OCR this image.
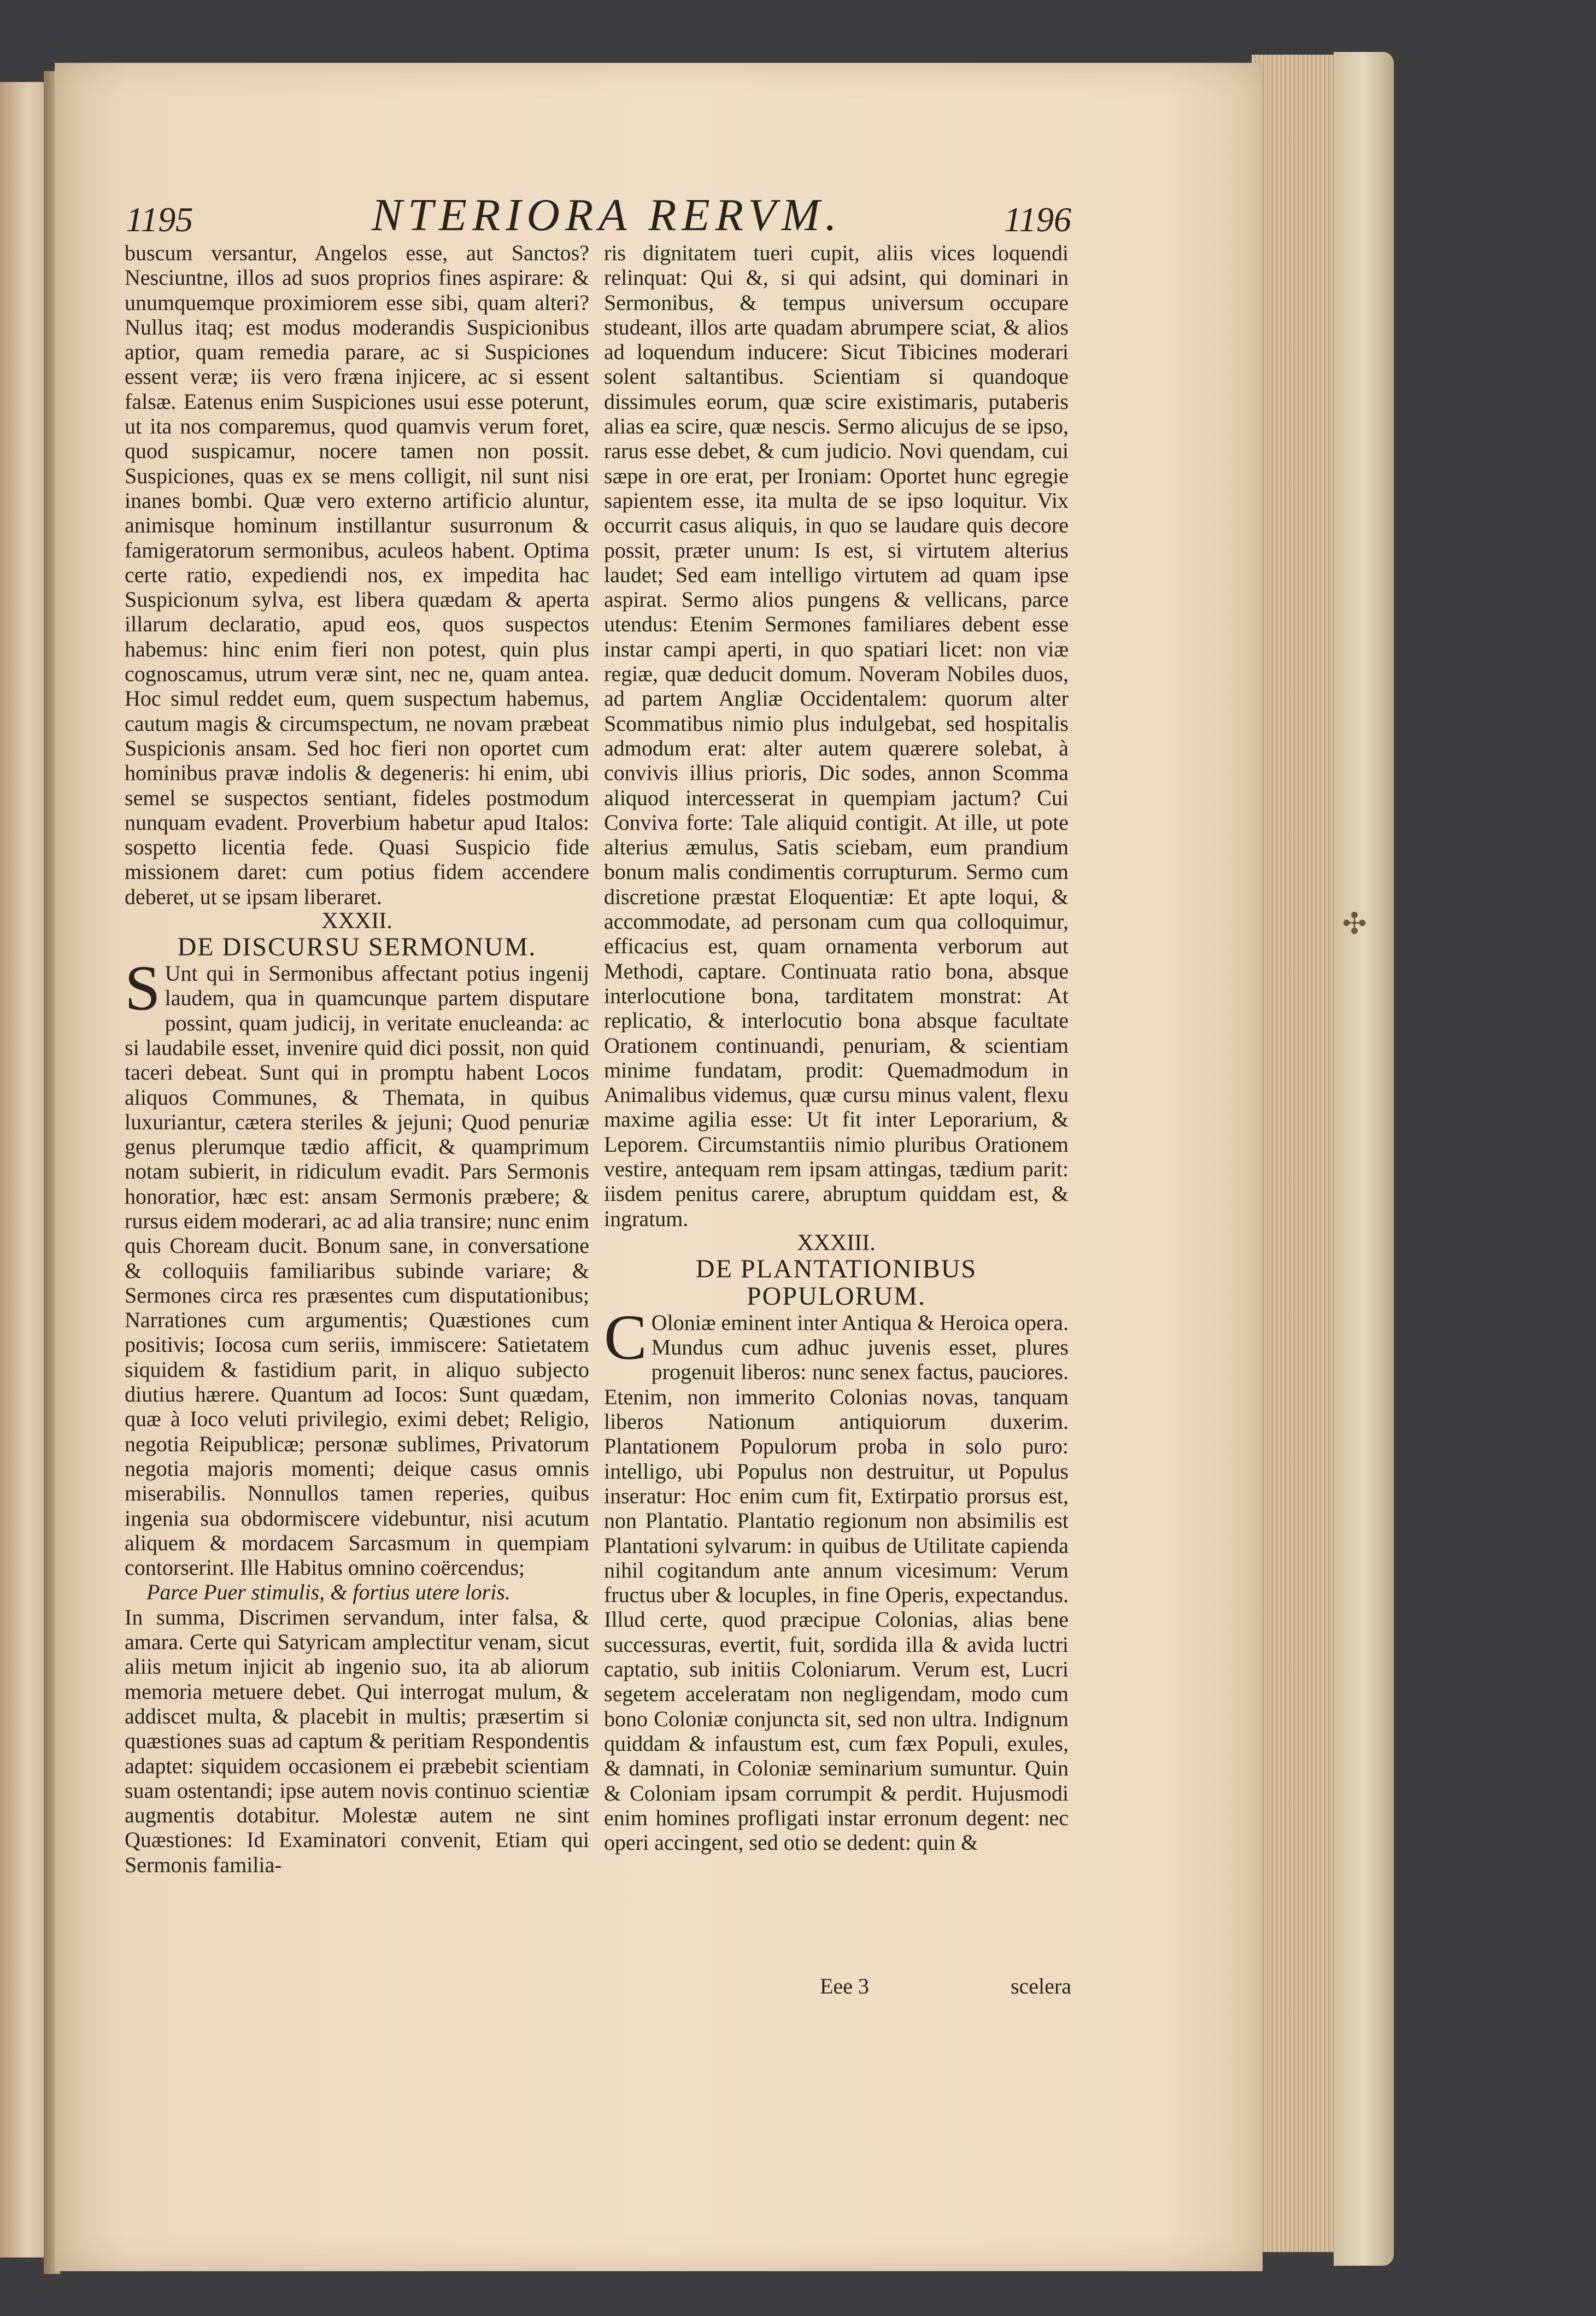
✣
1195	NTERIORA RERVM.	1196

buscum versantur, Angelos esse, aut Sanctos? Nesciuntne, illos ad suos proprios fines aspirare: & unumquemque proximiorem esse sibi, quam alteri? Nullus itaq; est modus moderandis Suspicionibus aptior, quam remedia parare, ac si Suspiciones essent veræ; iis vero fræna injicere, ac si essent falsæ. Eatenus enim Suspiciones usui esse poterunt, ut ita nos comparemus, quod quamvis verum foret, quod suspicamur, nocere tamen non possit. Suspiciones, quas ex se mens colligit, nil sunt nisi inanes bombi. Quæ vero externo artificio aluntur, animisque hominum instillantur susurronum & famigeratorum sermonibus, aculeos habent. Optima certe ratio, expediendi nos, ex impedita hac Suspicionum sylva, est libera quædam & aperta illarum declaratio, apud eos, quos suspectos habemus: hinc enim fieri non potest, quin plus cognoscamus, utrum veræ sint, nec ne, quam antea. Hoc simul reddet eum, quem suspectum habemus, cautum magis & circumspectum, ne novam præbeat Suspicionis ansam. Sed hoc fieri non oportet cum hominibus pravæ indolis & degeneris: hi enim, ubi semel se suspectos sentiant, fideles postmodum nunquam evadent. Proverbium habetur apud Italos: sospetto licentia fede. Quasi Suspicio fide missionem daret: cum potius fidem accendere deberet, ut se ipsam liberaret.

XXXII.

DE DISCURSU SERMONUM.

S Unt qui in Sermonibus affectant potius ingenij laudem, qua in quamcunque partem disputare possint, quam judicij, in veritate enucleanda: ac si laudabile esset, invenire quid dici possit, non quid taceri debeat. Sunt qui in promptu habent Locos aliquos Communes, & Themata, in quibus luxuriantur, cætera steriles & jejuni; Quod penuriæ genus plerumque tædio afficit, & quamprimum notam subierit, in ridiculum evadit. Pars Sermonis honoratior, hæc est: ansam Sermonis præbere; & rursus eidem moderari, ac ad alia transire; nunc enim quis Choream ducit. Bonum sane, in conversatione & colloquiis familiaribus subinde variare; & Sermones circa res præsentes cum disputationibus; Narrationes cum argumentis; Quæstiones cum positivis; Iocosa cum seriis, immiscere: Satietatem siquidem & fastidium parit, in aliquo subjecto diutius hærere. Quantum ad Iocos: Sunt quædam, quæ à Ioco veluti privilegio, eximi debet; Religio, negotia Reipublicæ; personæ sublimes, Privatorum negotia majoris momenti; deique casus omnis miserabilis. Nonnullos tamen reperies, quibus ingenia sua obdormiscere videbuntur, nisi acutum aliquem & mordacem Sarcasmum in quempiam contorserint. Ille Habitus omnino coërcendus;

Parce Puer stimulis, & fortius utere loris.

In summa, Discrimen servandum, inter falsa, & amara. Certe qui Satyricam amplectitur venam, sicut aliis metum injicit ab ingenio suo, ita ab aliorum memoria metuere debet. Qui interrogat mulum, & addiscet multa, & placebit in multis; præsertim si quæstiones suas ad captum & peritiam Respondentis adaptet: siquidem occasionem ei præbebit scientiam suam ostentandi; ipse autem novis continuo scientiæ augmentis dotabitur. Molestæ autem ne sint Quæstiones: Id Examinatori convenit, Etiam qui Sermonis familia-

ris dignitatem tueri cupit, aliis vices loquendi relinquat: Qui &, si qui adsint, qui dominari in Sermonibus, & tempus universum occupare studeant, illos arte quadam abrumpere sciat, & alios ad loquendum inducere: Sicut Tibicines moderari solent saltantibus. Scientiam si quandoque dissimules eorum, quæ scire existimaris, putaberis alias ea scire, quæ nescis. Sermo alicujus de se ipso, rarus esse debet, & cum judicio. Novi quendam, cui sæpe in ore erat, per Ironiam: Oportet hunc egregie sapientem esse, ita multa de se ipso loquitur. Vix occurrit casus aliquis, in quo se laudare quis decore possit, præter unum: Is est, si virtutem alterius laudet; Sed eam intelligo virtutem ad quam ipse aspirat. Sermo alios pungens & vellicans, parce utendus: Etenim Sermones familiares debent esse instar campi aperti, in quo spatiari licet: non viæ regiæ, quæ deducit domum. Noveram Nobiles duos, ad partem Angliæ Occidentalem: quorum alter Scommatibus nimio plus indulgebat, sed hospitalis admodum erat: alter autem quærere solebat, à convivis illius prioris, Dic sodes, annon Scomma aliquod intercesserat in quempiam jactum? Cui Conviva forte: Tale aliquid contigit. At ille, ut pote alterius æmulus, Satis sciebam, eum prandium bonum malis condimentis corrupturum. Sermo cum discretione præstat Eloquentiæ: Et apte loqui, & accommodate, ad personam cum qua colloquimur, efficacius est, quam ornamenta verborum aut Methodi, captare. Continuata ratio bona, absque interlocutione bona, tarditatem monstrat: At replicatio, & interlocutio bona absque facultate Orationem continuandi, penuriam, & scientiam minime fundatam, prodit: Quemadmodum in Animalibus videmus, quæ cursu minus valent, flexu maxime agilia esse: Ut fit inter Leporarium, & Leporem. Circumstantiis nimio pluribus Orationem vestire, antequam rem ipsam attingas, tædium parit: iisdem penitus carere, abruptum quiddam est, & ingratum.

XXXIII.

DE PLANTATIONIBUS POPULORUM.

C Oloniæ eminent inter Antiqua & Heroica opera. Mundus cum adhuc juvenis esset, plures progenuit liberos: nunc senex factus, pauciores. Etenim, non immerito Colonias novas, tanquam liberos Nationum antiquiorum duxerim. Plantationem Populorum proba in solo puro: intelligo, ubi Populus non destruitur, ut Populus inseratur: Hoc enim cum fit, Extirpatio prorsus est, non Plantatio. Plantatio regionum non absimilis est Plantationi sylvarum: in quibus de Utilitate capienda nihil cogitandum ante annum vicesimum: Verum fructus uber & locuples, in fine Operis, expectandus. Illud certe, quod præcipue Colonias, alias bene successuras, evertit, fuit, sordida illa & avida luctri captatio, sub initiis Coloniarum. Verum est, Lucri segetem acceleratam non negligendam, modo cum bono Coloniæ conjuncta sit, sed non ultra. Indignum quiddam & infaustum est, cum fæx Populi, exules, & damnati, in Coloniæ seminarium sumuntur. Quin & Coloniam ipsam corrumpit & perdit. Hujusmodi enim homines profligati instar erronum degent: nec operi accingent, sed otio se dedent: quin &

Eee 3	scelera
